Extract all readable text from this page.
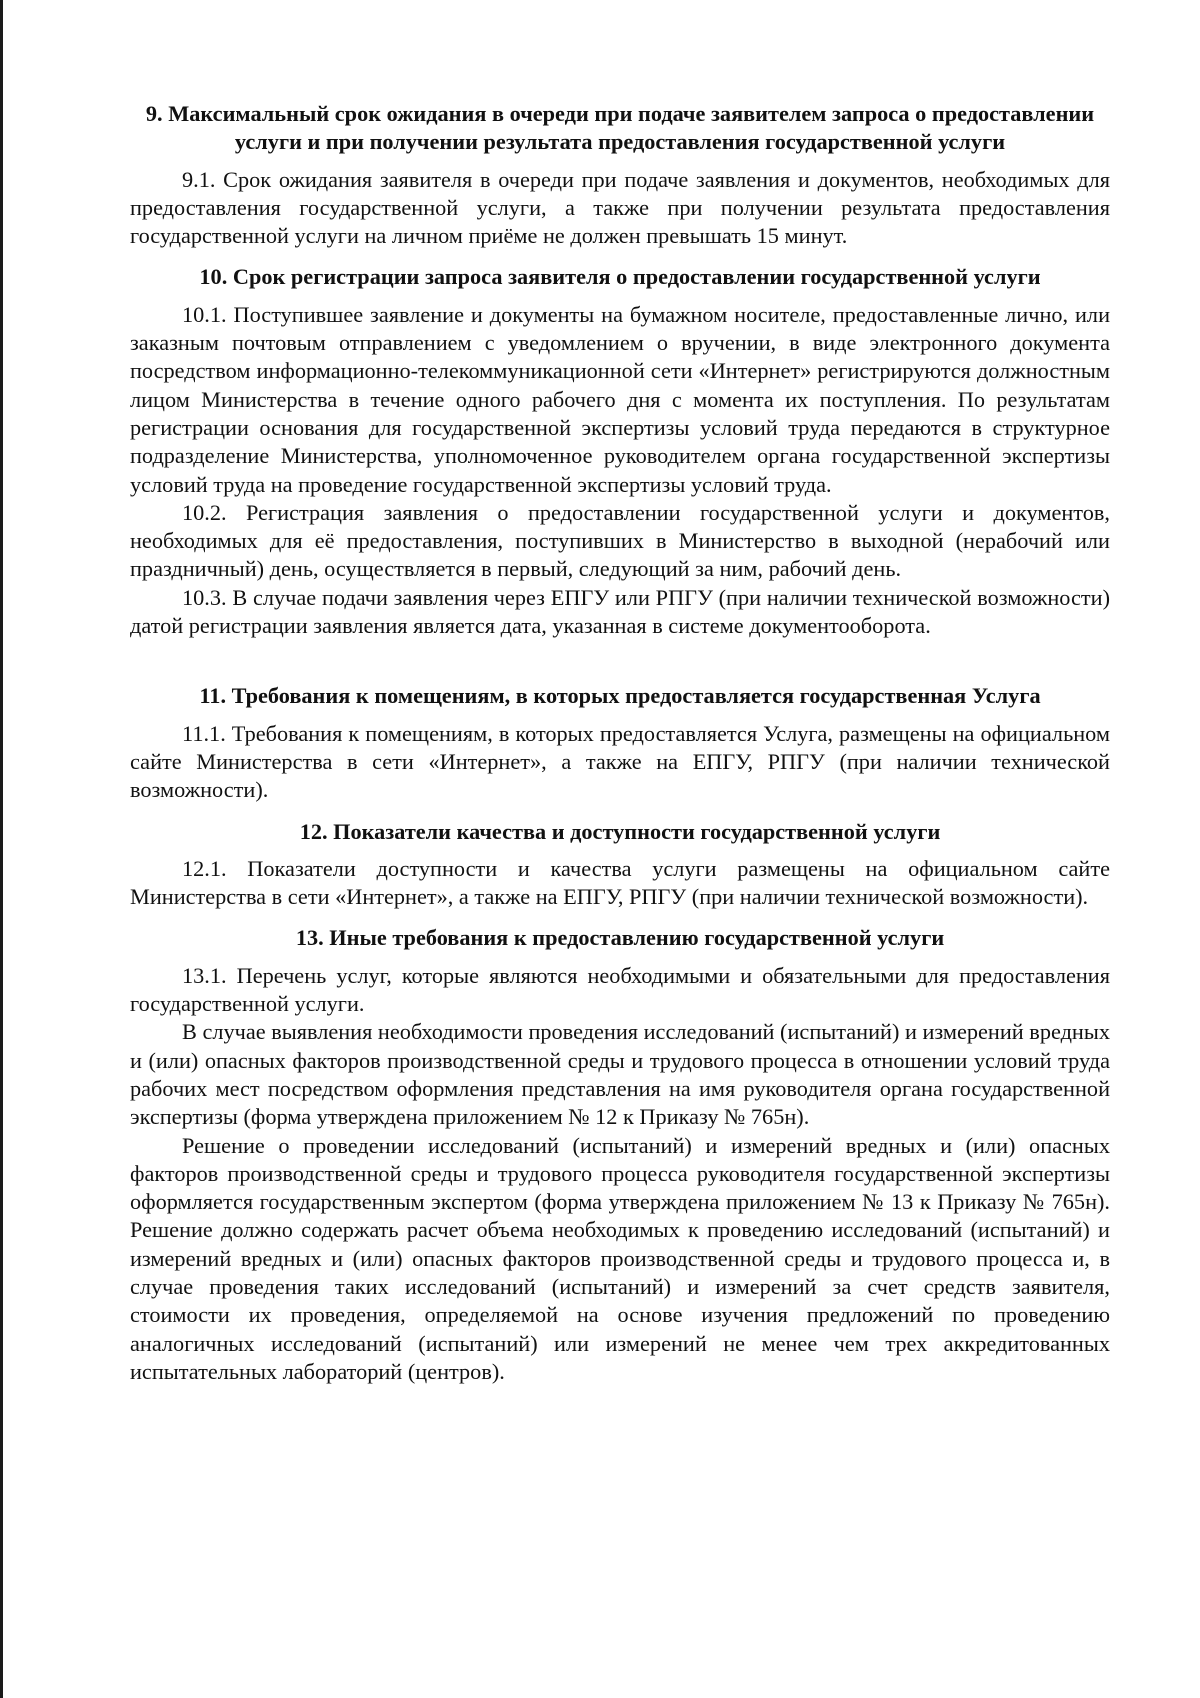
9. Максимальный срок ожидания в очереди при подаче заявителем запроса о предоставлении услуги и при получении результата предоставления государственной услуги

9.1. Срок ожидания заявителя в очереди при подаче заявления и документов, необходимых для предоставления государственной услуги, а также при получении результата предоставления государственной услуги на личном приёме не должен превышать 15 минут.

10. Срок регистрации запроса заявителя о предоставлении государственной услуги

10.1. Поступившее заявление и документы на бумажном носителе, предоставленные лично, или заказным почтовым отправлением с уведомлением о вручении, в виде электронного документа посредством информационно-телекоммуникационной сети «Интернет» регистрируются должностным лицом Министерства в течение одного рабочего дня с момента их поступления. По результатам регистрации основания для государственной экспертизы условий труда передаются в структурное подразделение Министерства, уполномоченное руководителем органа государственной экспертизы условий труда на проведение государственной экспертизы условий труда.

10.2. Регистрация заявления о предоставлении государственной услуги и документов, необходимых для её предоставления, поступивших в Министерство в выходной (нерабочий или праздничный) день, осуществляется в первый, следующий за ним, рабочий день.

10.3. В случае подачи заявления через ЕПГУ или РПГУ (при наличии технической возможности) датой регистрации заявления является дата, указанная в системе документооборота.

11. Требования к помещениям, в которых предоставляется государственная Услуга

11.1. Требования к помещениям, в которых предоставляется Услуга, размещены на официальном сайте Министерства в сети «Интернет», а также на ЕПГУ, РПГУ (при наличии технической возможности).

12. Показатели качества и доступности государственной услуги

12.1. Показатели доступности и качества услуги размещены на официальном сайте Министерства в сети «Интернет», а также на ЕПГУ, РПГУ (при наличии технической возможности).

13. Иные требования к предоставлению государственной услуги

13.1. Перечень услуг, которые являются необходимыми и обязательными для предоставления государственной услуги.

В случае выявления необходимости проведения исследований (испытаний) и измерений вредных и (или) опасных факторов производственной среды и трудового процесса в отношении условий труда рабочих мест посредством оформления представления на имя руководителя органа государственной экспертизы (форма утверждена приложением № 12 к Приказу № 765н).

Решение о проведении исследований (испытаний) и измерений вредных и (или) опасных факторов производственной среды и трудового процесса руководителя государственной экспертизы оформляется государственным экспертом (форма утверждена приложением № 13 к Приказу № 765н). Решение должно содержать расчет объема необходимых к проведению исследований (испытаний) и измерений вредных и (или) опасных факторов производственной среды и трудового процесса и, в случае проведения таких исследований (испытаний) и измерений за счет средств заявителя, стоимости их проведения, определяемой на основе изучения предложений по проведению аналогичных исследований (испытаний) или измерений не менее чем трех аккредитованных испытательных лабораторий (центров).
